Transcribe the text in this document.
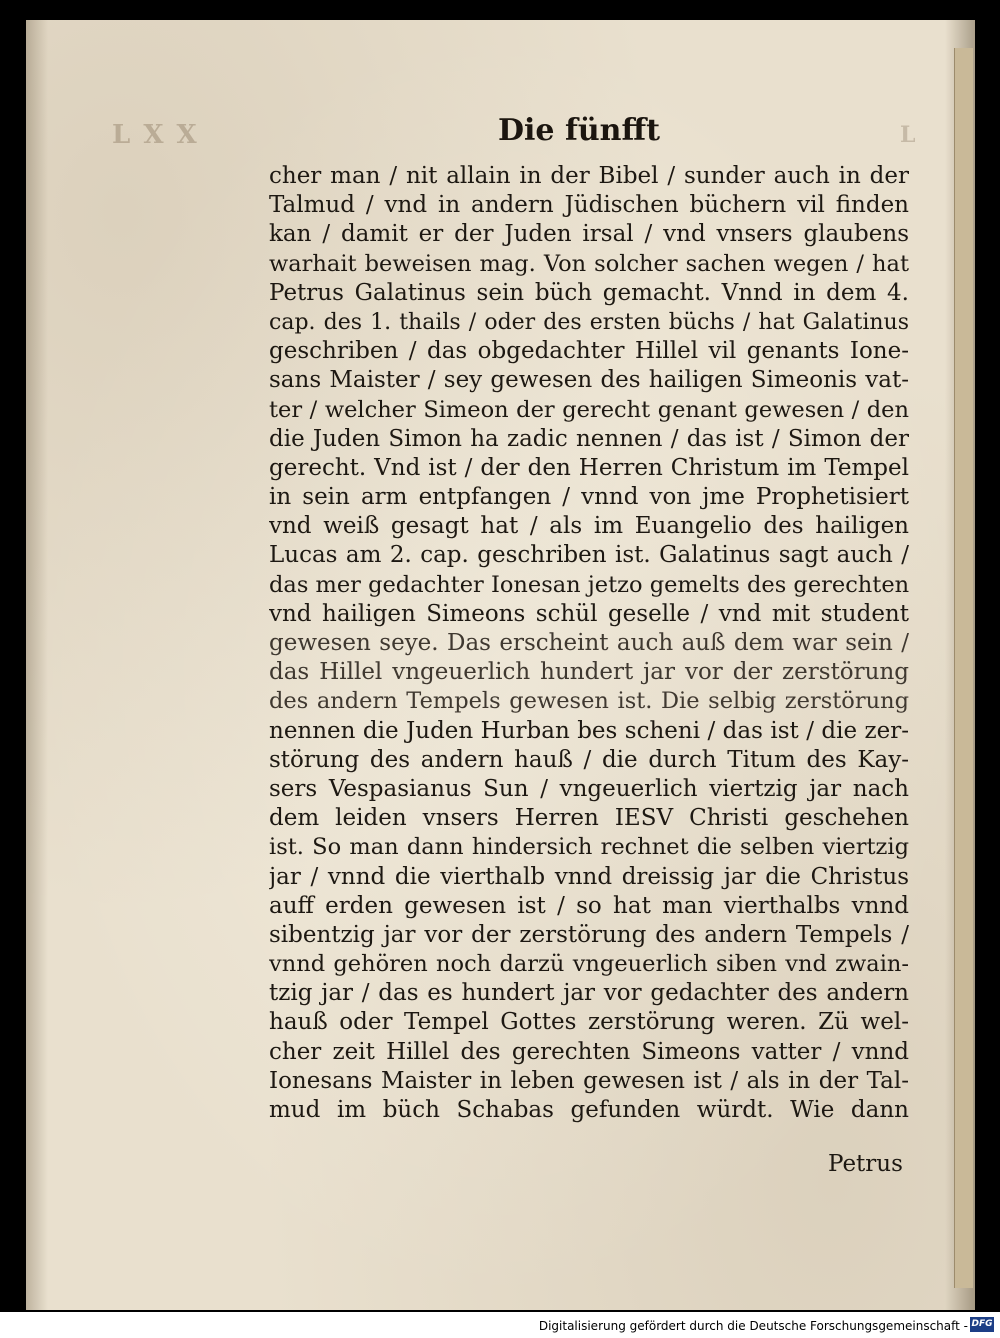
L X X	L
Die fünfft
cher man / nit allain in der Bibel / sunder auch in der
Talmud / vnd in andern Jüdischen büchern vil finden
kan / damit er der Juden irsal / vnd vnsers glaubens
warhait beweisen mag. Von solcher sachen wegen / hat
Petrus Galatinus sein büch gemacht. Vnnd in dem 4.
cap. des 1. thails / oder des ersten büchs / hat Galatinus
geschriben / das obgedachter Hillel vil genants Ione-
sans Maister / sey gewesen des hailigen Simeonis vat-
ter / welcher Simeon der gerecht genant gewesen / den
die Juden Simon ha zadic nennen / das ist / Simon der
gerecht. Vnd ist / der den Herren Christum im Tempel
in sein arm entpfangen / vnnd von jme Prophetisiert
vnd weiß gesagt hat / als im Euangelio des hailigen
Lucas am 2. cap. geschriben ist. Galatinus sagt auch /
das mer gedachter Ionesan jetzo gemelts des gerechten
vnd hailigen Simeons schül geselle / vnd mit student
gewesen seye. Das erscheint auch auß dem war sein /
das Hillel vngeuerlich hundert jar vor der zerstörung
des andern Tempels gewesen ist. Die selbig zerstörung
nennen die Juden Hurban bes scheni / das ist / die zer-
störung des andern hauß / die durch Titum des Kay-
sers Vespasianus Sun / vngeuerlich viertzig jar nach
dem leiden vnsers Herren IESV Christi geschehen
ist. So man dann hindersich rechnet die selben viertzig
jar / vnnd die vierthalb vnnd dreissig jar die Christus
auff erden gewesen ist / so hat man vierthalbs vnnd
sibentzig jar vor der zerstörung des andern Tempels /
vnnd gehören noch darzü vngeuerlich siben vnd zwain-
tzig jar / das es hundert jar vor gedachter des andern
hauß oder Tempel Gottes zerstörung weren. Zü wel-
cher zeit Hillel des gerechten Simeons vatter / vnnd
Ionesans Maister in leben gewesen ist / als in der Tal-
mud im büch Schabas gefunden würdt. Wie dann
Petrus
Digitalisierung gefördert durch die Deutsche Forschungsgemeinschaft - DFG
